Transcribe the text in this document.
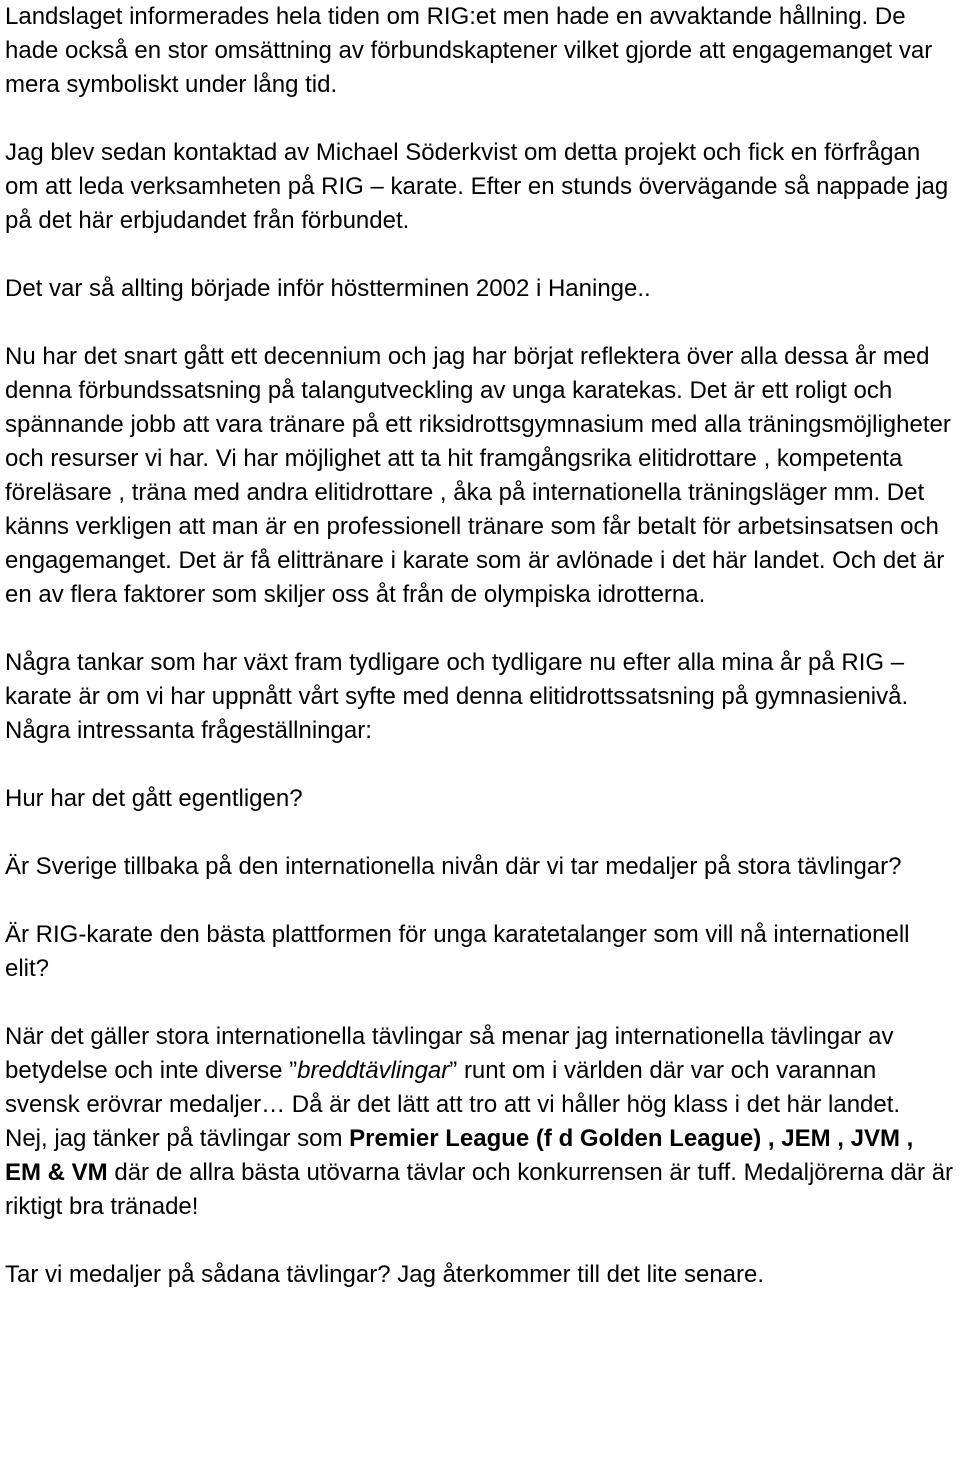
Landslaget informerades hela tiden om RIG:et men hade en avvaktande hållning. De hade också en stor omsättning av förbundskaptener vilket gjorde att engagemanget var mera symboliskt under lång tid.

Jag blev sedan kontaktad av Michael Söderkvist om detta projekt och fick en förfrågan om att leda verksamheten på RIG – karate. Efter en stunds övervägande så nappade jag på det här erbjudandet från förbundet.

Det var så allting började inför höstterminen 2002 i Haninge..

Nu har det snart gått ett decennium och jag har börjat reflektera över alla dessa år med denna förbundssatsning på talangutveckling av unga karatekas. Det är ett roligt och spännande jobb att vara tränare på ett riksidrottsgymnasium med alla träningsmöjligheter och resurser vi har. Vi har möjlighet att ta hit framgångsrika elitidrottare , kompetenta föreläsare , träna med andra elitidrottare , åka på internationella träningsläger mm. Det känns verkligen att man är en professionell tränare som får betalt för arbetsinsatsen och engagemanget. Det är få elittränare i karate som är avlönade i det här landet. Och det är en av flera faktorer som skiljer oss åt från de olympiska idrotterna.

Några tankar som har växt fram tydligare och tydligare nu efter alla mina år på RIG – karate är om vi har uppnått vårt syfte med denna elitidrottssatsning på gymnasienivå. Några intressanta frågeställningar:

Hur har det gått egentligen?

Är Sverige tillbaka på den internationella nivån där vi tar medaljer på stora tävlingar?

Är RIG-karate den bästa plattformen för unga karatetalanger som vill nå internationell elit?

När det gäller stora internationella tävlingar så menar jag internationella tävlingar av betydelse och inte diverse ”breddtävlingar” runt om i världen där var och varannan svensk erövrar medaljer… Då är det lätt att tro att vi håller hög klass i det här landet.

Nej, jag tänker på tävlingar som Premier League (f d Golden League) , JEM , JVM , EM & VM där de allra bästa utövarna tävlar och konkurrensen är tuff. Medaljörerna där är riktigt bra tränade!

Tar vi medaljer på sådana tävlingar? Jag återkommer till det lite senare.
